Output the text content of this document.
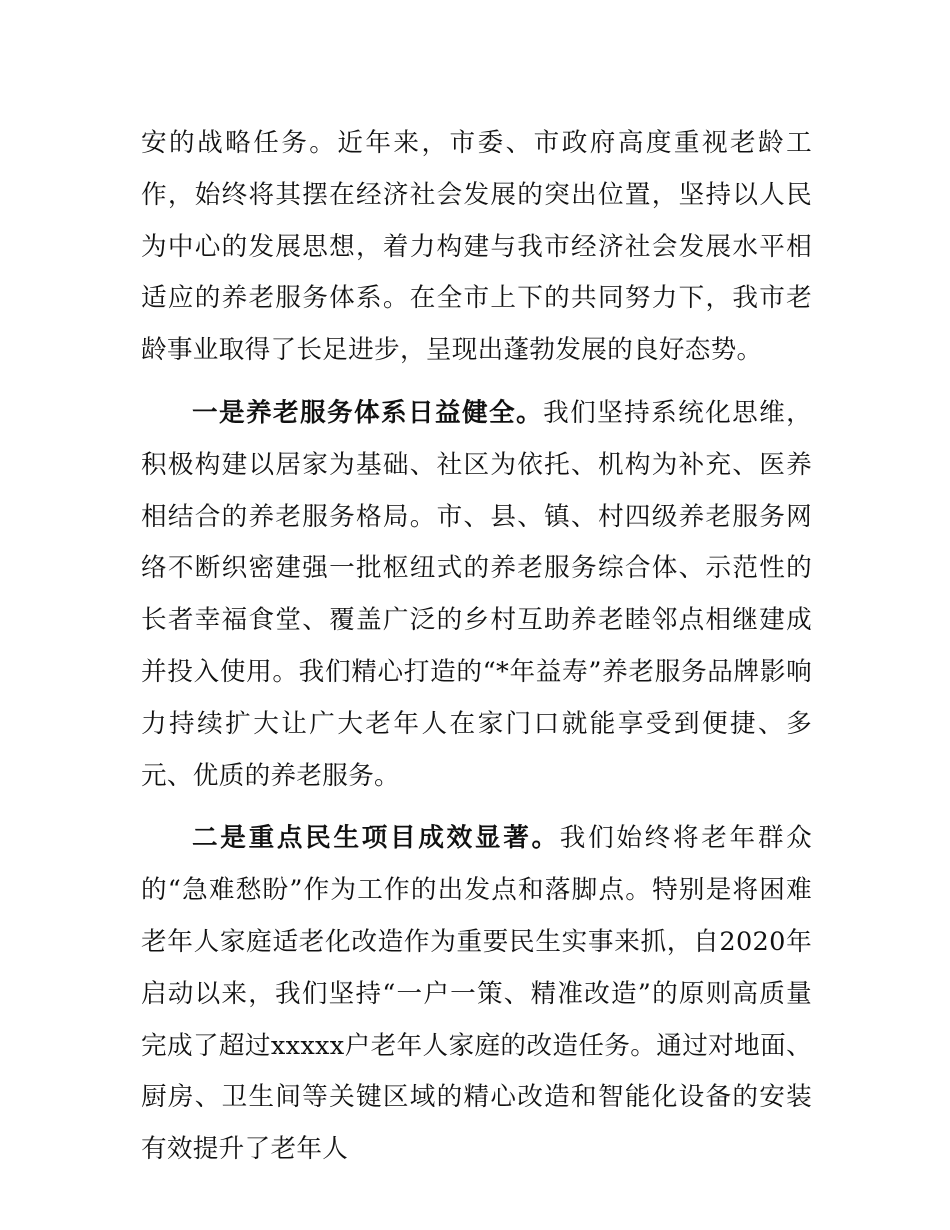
安的战略任务。近年来，市委、市政府高度重视老龄工作，始终将其摆在经济社会发展的突出位置，坚持以人民为中心的发展思想，着力构建与我市经济社会发展水平相适应的养老服务体系。在全市上下的共同努力下，我市老龄事业取得了长足进步，呈现出蓬勃发展的良好态势。

一是养老服务体系日益健全。我们坚持系统化思维，积极构建以居家为基础、社区为依托、机构为补充、医养相结合的养老服务格局。市、县、镇、村四级养老服务网络不断织密建强一批枢纽式的养老服务综合体、示范性的长者幸福食堂、覆盖广泛的乡村互助养老睦邻点相继建成并投入使用。我们精心打造的“*年益寿”养老服务品牌影响力持续扩大让广大老年人在家门口就能享受到便捷、多元、优质的养老服务。

二是重点民生项目成效显著。我们始终将老年群众的“急难愁盼”作为工作的出发点和落脚点。特别是将困难老年人家庭适老化改造作为重要民生实事来抓，自2020年启动以来，我们坚持“一户一策、精准改造”的原则高质量完成了超过xxxxx户老年人家庭的改造任务。通过对地面、厨房、卫生间等关键区域的精心改造和智能化设备的安装有效提升了老年人
